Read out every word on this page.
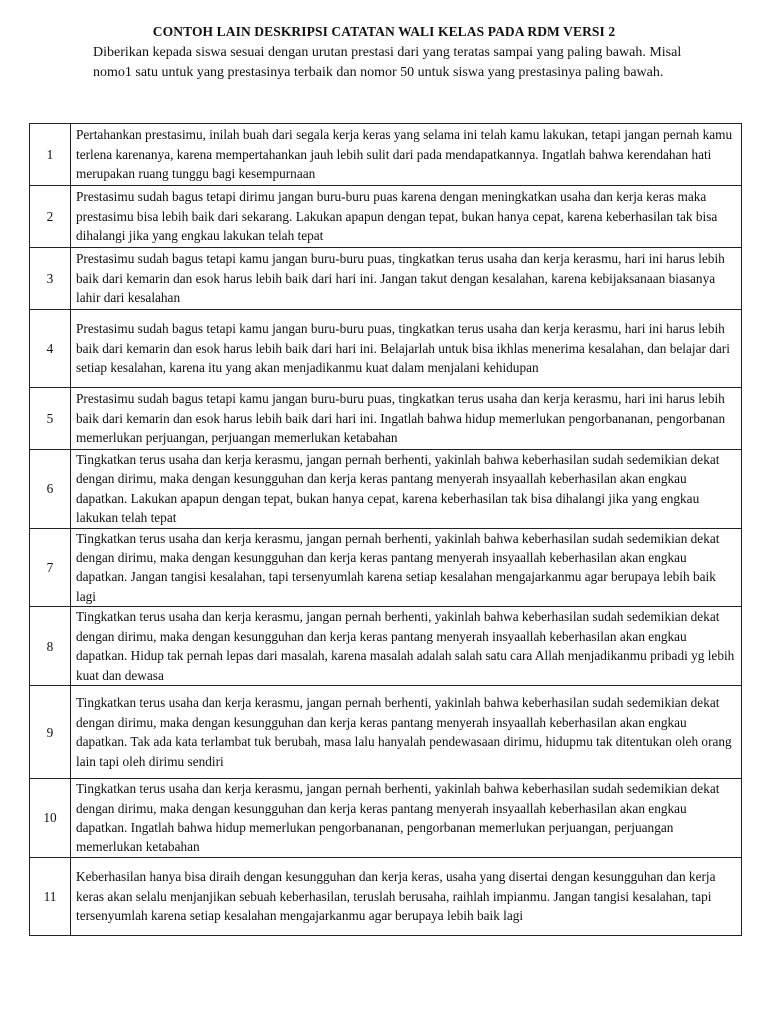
CONTOH LAIN DESKRIPSI CATATAN WALI KELAS PADA RDM VERSI 2
Diberikan kepada siswa sesuai dengan urutan prestasi dari yang teratas sampai yang paling bawah. Misal nomo1 satu untuk yang prestasinya terbaik dan nomor 50 untuk siswa yang prestasinya paling bawah.
1	Pertahankan prestasimu, inilah buah dari segala kerja keras yang selama ini telah kamu lakukan, tetapi jangan pernah kamu terlena karenanya, karena mempertahankan jauh lebih sulit dari pada mendapatkannya. Ingatlah bahwa kerendahan hati merupakan ruang tunggu bagi kesempurnaan
2	Prestasimu sudah bagus tetapi dirimu jangan buru-buru puas karena dengan meningkatkan usaha dan kerja keras maka prestasimu bisa lebih baik dari sekarang. Lakukan apapun dengan tepat, bukan hanya cepat, karena keberhasilan tak bisa dihalangi jika yang engkau lakukan telah tepat
3	Prestasimu sudah bagus tetapi kamu jangan buru-buru puas, tingkatkan terus usaha dan kerja kerasmu, hari ini harus lebih baik dari kemarin dan esok harus lebih baik dari hari ini. Jangan takut dengan kesalahan, karena kebijaksanaan biasanya lahir dari kesalahan
4	Prestasimu sudah bagus tetapi kamu jangan buru-buru puas, tingkatkan terus usaha dan kerja kerasmu, hari ini harus lebih baik dari kemarin dan esok harus lebih baik dari hari ini. Belajarlah untuk bisa ikhlas menerima kesalahan, dan belajar dari setiap kesalahan, karena itu yang akan menjadikanmu kuat dalam menjalani kehidupan
5	Prestasimu sudah bagus tetapi kamu jangan buru-buru puas, tingkatkan terus usaha dan kerja kerasmu, hari ini harus lebih baik dari kemarin dan esok harus lebih baik dari hari ini. Ingatlah bahwa hidup memerlukan pengorbananan, pengorbanan memerlukan perjuangan, perjuangan memerlukan ketabahan
6	Tingkatkan terus usaha dan kerja kerasmu, jangan pernah berhenti, yakinlah bahwa keberhasilan sudah sedemikian dekat dengan dirimu, maka dengan kesungguhan dan kerja keras pantang menyerah insyaallah keberhasilan akan engkau dapatkan. Lakukan apapun dengan tepat, bukan hanya cepat, karena keberhasilan tak bisa dihalangi jika yang engkau lakukan telah tepat
7	Tingkatkan terus usaha dan kerja kerasmu, jangan pernah berhenti, yakinlah bahwa keberhasilan sudah sedemikian dekat dengan dirimu, maka dengan kesungguhan dan kerja keras pantang menyerah insyaallah keberhasilan akan engkau dapatkan. Jangan tangisi kesalahan, tapi tersenyumlah karena setiap kesalahan mengajarkanmu agar berupaya lebih baik lagi
8	Tingkatkan terus usaha dan kerja kerasmu, jangan pernah berhenti, yakinlah bahwa keberhasilan sudah sedemikian dekat dengan dirimu, maka dengan kesungguhan dan kerja keras pantang menyerah insyaallah keberhasilan akan engkau dapatkan. Hidup tak pernah lepas dari masalah, karena masalah adalah salah satu cara Allah menjadikanmu pribadi yg lebih kuat dan dewasa
9	Tingkatkan terus usaha dan kerja kerasmu, jangan pernah berhenti, yakinlah bahwa keberhasilan sudah sedemikian dekat dengan dirimu, maka dengan kesungguhan dan kerja keras pantang menyerah insyaallah keberhasilan akan engkau dapatkan. Tak ada kata terlambat tuk berubah, masa lalu hanyalah pendewasaan dirimu, hidupmu tak ditentukan oleh orang lain tapi oleh dirimu sendiri
10	Tingkatkan terus usaha dan kerja kerasmu, jangan pernah berhenti, yakinlah bahwa keberhasilan sudah sedemikian dekat dengan dirimu, maka dengan kesungguhan dan kerja keras pantang menyerah insyaallah keberhasilan akan engkau dapatkan. Ingatlah bahwa hidup memerlukan pengorbananan, pengorbanan memerlukan perjuangan, perjuangan memerlukan ketabahan
11	Keberhasilan hanya bisa diraih dengan kesungguhan dan kerja keras, usaha yang disertai dengan kesungguhan dan kerja keras akan selalu menjanjikan sebuah keberhasilan, teruslah berusaha, raihlah impianmu. Jangan tangisi kesalahan, tapi tersenyumlah karena setiap kesalahan mengajarkanmu agar berupaya lebih baik lagi
